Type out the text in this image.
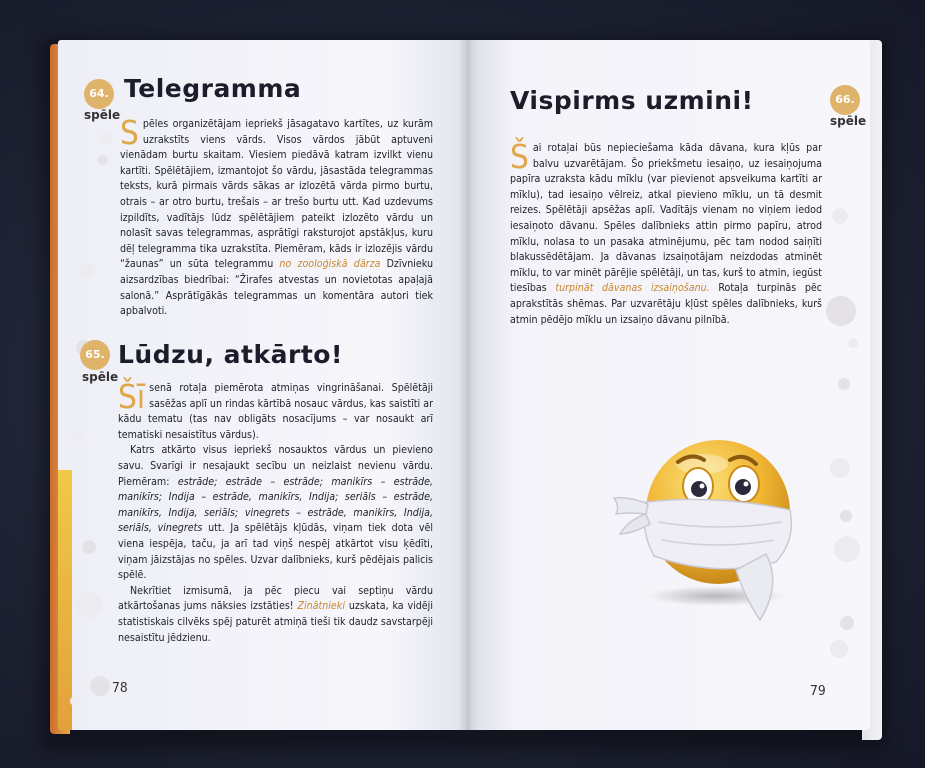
64.
spēle
Telegramma

Spēles organizētājam iepriekš jāsagatavo kartītes, uz kurām uzrakstīts viens vārds. Visos vārdos jābūt aptuveni vienādam burtu skaitam. Viesiem piedāvā katram izvilkt vienu kartīti. Spēlētājiem, izmantojot šo vārdu, jāsastāda telegrammas teksts, kurā pirmais vārds sākas ar izlozētā vārda pirmo burtu, otrais – ar otro burtu, trešais – ar trešo burtu utt. Kad uzdevums izpildīts, vadītājs lūdz spēlētājiem pateikt izlozēto vārdu un nolasīt savas telegrammas, asprātīgi raksturojot apstākļus, kuru dēļ telegramma tika uzrakstīta. Piemēram, kāds ir izlozējis vārdu “žaunas” un sūta telegrammu no zooloģiskā dārza Dzīvnieku aizsardzības biedrībai: “Žirafes atvestas un novietotas apaļajā salonā.” Asprātīgākās telegrammas un komentāra autori tiek apbalvoti.

65.
spēle
Lūdzu, atkārto!

Šī senā rotaļa piemērota atmiņas vingrināšanai. Spēlētāji sasēžas aplī un rindas kārtībā nosauc vārdus, kas saistīti ar kādu tematu (tas nav obligāts nosacījums – var nosaukt arī tematiski nesaistītus vārdus).

Katrs atkārto visus iepriekš nosauktos vārdus un pievieno savu. Svarīgi ir nesajaukt secību un neizlaist nevienu vārdu. Piemēram: estrāde; estrāde – estrāde; manikīrs – estrāde, manikīrs; Indija – estrāde, manikīrs, Indija; seriāls – estrāde, manikīrs, Indija, seriāls; vinegrets – estrāde, manikīrs, Indija, seriāls, vinegrets utt. Ja spēlētājs kļūdās, viņam tiek dota vēl viena iespēja, taču, ja arī tad viņš nespēj atkārtot visu ķēdīti, viņam jāizstājas no spēles. Uzvar dalībnieks, kurš pēdējais palicis spēlē.

Nekrītiet izmisumā, ja pēc piecu vai septiņu vārdu atkārtošanas jums nāksies izstāties! Zinātnieki uzskata, ka vidēji statistiskais cilvēks spēj paturēt atmiņā tieši tik daudz savstarpēji nesaistītu jēdzienu.

78
Vispirms uzmini!	66.
spēle

Šai rotaļai būs nepieciešama kāda dāvana, kura kļūs par balvu uzvarētājam. Šo priekšmetu iesaiņo, uz iesaiņojuma papīra uzraksta kādu mīklu (var pievienot apsveikuma kartīti ar mīklu), tad iesaiņo vēlreiz, atkal pievieno mīklu, un tā desmit reizes. Spēlētāji apsēžas aplī. Vadītājs vienam no viņiem iedod iesaiņoto dāvanu. Spēles dalībnieks attin pirmo papīru, atrod mīklu, nolasa to un pasaka atminējumu, pēc tam nodod saiņīti blakussēdētājam. Ja dāvanas izsaiņotājam neizdodas atminēt mīklu, to var minēt pārējie spēlētāji, un tas, kurš to atmin, iegūst tiesības turpināt dāvanas izsaiņošanu. Rotaļa turpinās pēc aprakstītās shēmas. Par uzvarētāju kļūst spēles dalībnieks, kurš atmin pēdējo mīklu un izsaiņo dāvanu pilnībā.

79
